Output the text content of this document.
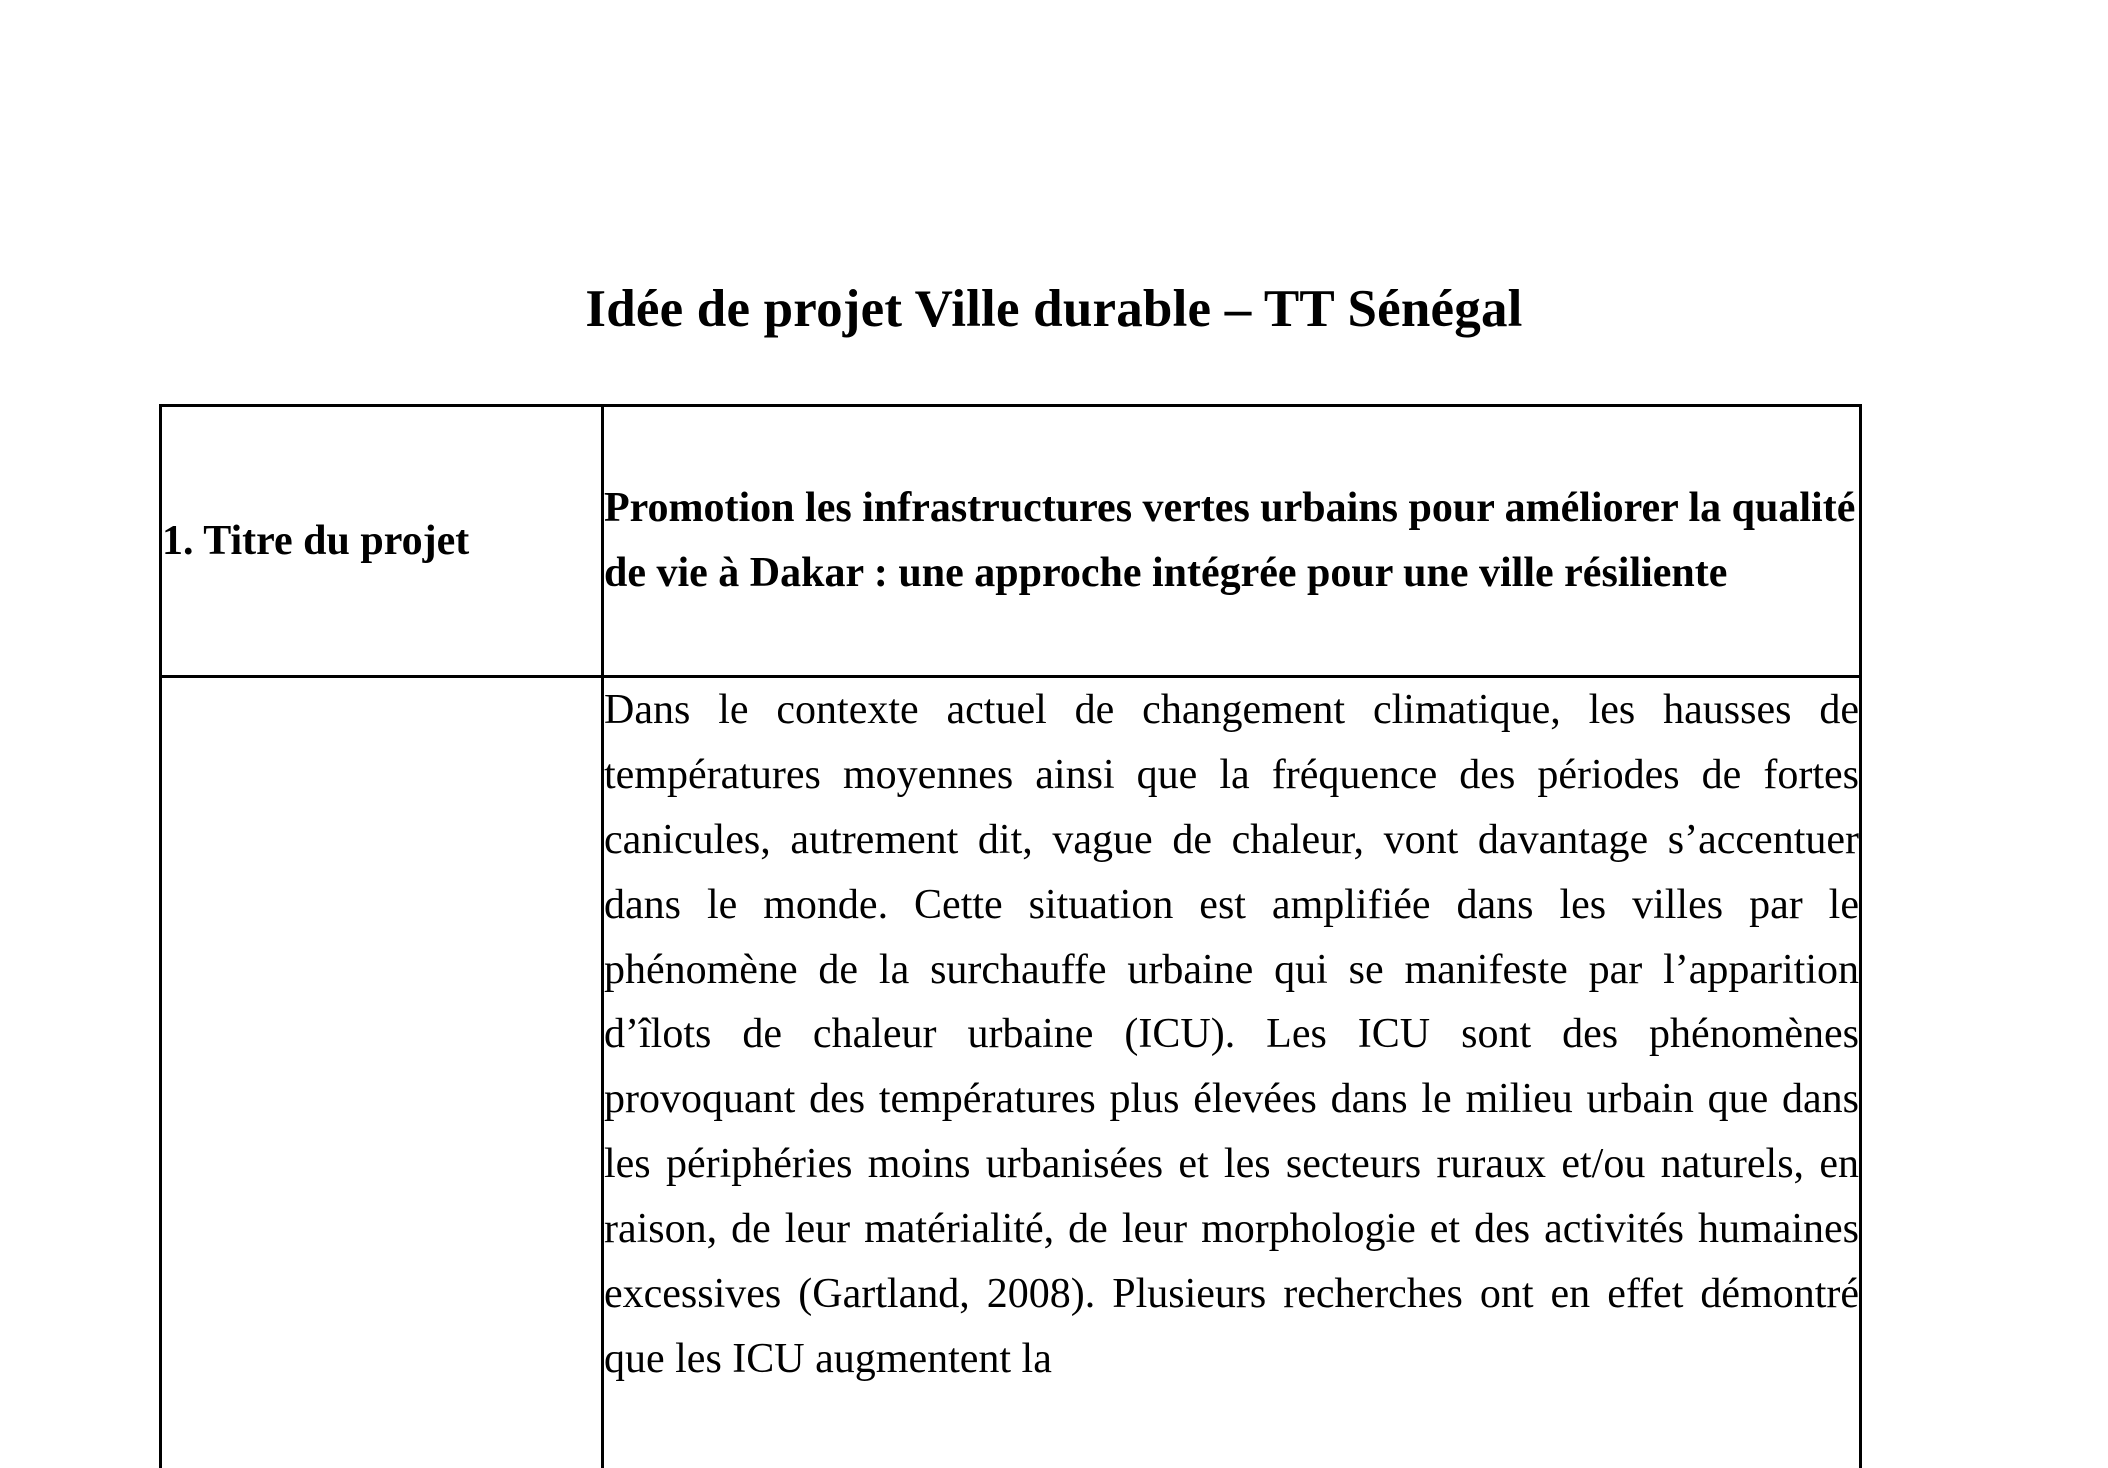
Idée de projet Ville durable – TT Sénégal
1. Titre du projet	Promotion les infrastructures vertes urbains pour améliorer la qualité de vie à Dakar : une approche intégrée pour une ville résiliente

	Dans le contexte actuel de changement climatique, les hausses de températures moyennes ainsi que la fréquence des périodes de fortes canicules, autrement dit, vague de chaleur, vont davantage s’accentuer dans le monde. Cette situation est amplifiée dans les villes par le phénomène de la surchauffe urbaine qui se manifeste par l’apparition d’îlots de chaleur urbaine (ICU). Les ICU sont des phénomènes provoquant des températures plus élevées dans le milieu urbain que dans les périphéries moins urbanisées et les secteurs ruraux et/ou naturels, en raison, de leur matérialité, de leur morphologie et des activités humaines excessives (Gartland, 2008). Plusieurs recherches ont en effet démontré que les ICU augmentent la
